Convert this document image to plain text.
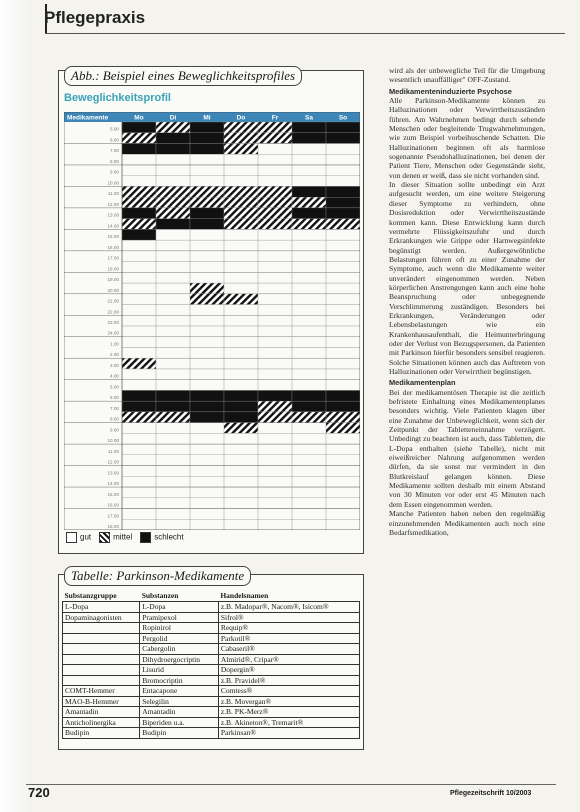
Pflegepraxis
Abb.: Beispiel eines Beweglichkeitsprofiles
Beweglichkeitsprofil
Medikamente	Mo	Di	Mi	Do	Fr	Sa	So
5.00
6.00
7.00
8.00
9.00
10.00
11.00
12.00
13.00
14.00
15.00
16.00
17.00
18.00
19.00
20.00
21.00
22.00
23.00
24.00
1.00
2.00
3.00
4.00
5.00
6.00
7.00
8.00
9.00
10.00
11.00
12.00
13.00
14.00
15.00
16.00
17.00
18.00
gut	mittel	schlecht
Tabelle: Parkinson-Medikamente
Substanzgruppe	Substanzen	Handelsnamen
L-Dopa	L-Dopa	z.B. Madopar®, Nacom®, Isicom®
Dopaminagonisten	Pramipexol	Sifrol®
	Ropinirol	Requip®
	Pergolid	Parkotil®
	Cabergolin	Cabaseril®
	Dihydroergocriptin	Almirid®, Cripar®
	Lisurid	Dopergin®
	Bromocriptin	z.B. Pravidel®
COMT-Hemmer	Entacapone	Comtess®
MAO-B-Hemmer	Selegilin	z.B. Movergan®
Amantadin	Amantadin	z.B. PK-Merz®
Anticholinergika	Biperiden u.a.	z.B. Akineton®, Tremarit®
Budipin	Budipin	Parkinsan®

wird als der unbewegliche Teil für die Umgebung wesentlich unauffälliger" OFF-Zustand.

Medikamenteninduzierte Psychose

Alle Parkinson-Medikamente können zu Halluzinationen oder Verwirrtheitszuständen führen. Am Wahrnehmen bedingt durch sehende Menschen oder begleitende Trugwahrnehmungen, wie zum Beispiel vorbeihuschende Schatten. Die Halluzinationen beginnen oft als harmlose sogenannte Pseudohalluzinationen, bei denen der Patient Tiere, Menschen oder Gegenstände sieht, von denen er weiß, dass sie nicht vorhanden sind.

In dieser Situation sollte unbedingt ein Arzt aufgesucht werden, um eine weitere Steigerung dieser Symptome zu verhindern, ohne Dosisreduktion oder Verwirrtheitszustände kommen kann. Diese Entwicklung kann durch vermehrte Flüssigkeitszufuhr und durch Erkrankungen wie Grippe oder Harnwegsinfekte begünstigt werden. Außergewöhnliche Belastungen führen oft zu einer Zunahme der Symptome, auch wenn die Medikamente weiter unverändert eingenommen werden. Neben körperlichen Anstrengungen kann auch eine hohe Beanspruchung oder unbegegnende Verschlimmerung zuständigen. Besonders bei Erkrankungen, Veränderungen oder Lebensbelastungen wie ein Krankenhausaufenthalt, die Heimunterbringung oder der Verlust von Bezugspersonen, da Patienten mit Parkinson hierfür besonders sensibel reagieren. Solche Situationen können auch das Auftreten von Halluzinationen oder Verwirrtheit begünstigen.

Medikamentenplan

Bei der medikamentösen Therapie ist die zeitlich befristete Einhaltung eines Medikamentenplanes besonders wichtig. Viele Patienten klagen über eine Zunahme der Unbeweglichkeit, wenn sich der Zeitpunkt der Tabletteneinnahme verzögert. Unbedingt zu beachten ist auch, dass Tabletten, die L-Dopa enthalten (siehe Tabelle), nicht mit eiweißreicher Nahrung aufgenommen werden dürfen, da sie sonst nur vermindert in den Blutkreislauf gelangen können. Diese Medikamente sollten deshalb mit einem Abstand von 30 Minuten vor oder erst 45 Minuten nach dem Essen eingenommen werden.

Manche Patienten haben neben den regelmäßig einzunehmenden Medikamenten auch noch eine Bedarfsmedikation,

720	Pflegezeitschrift 10/2003
